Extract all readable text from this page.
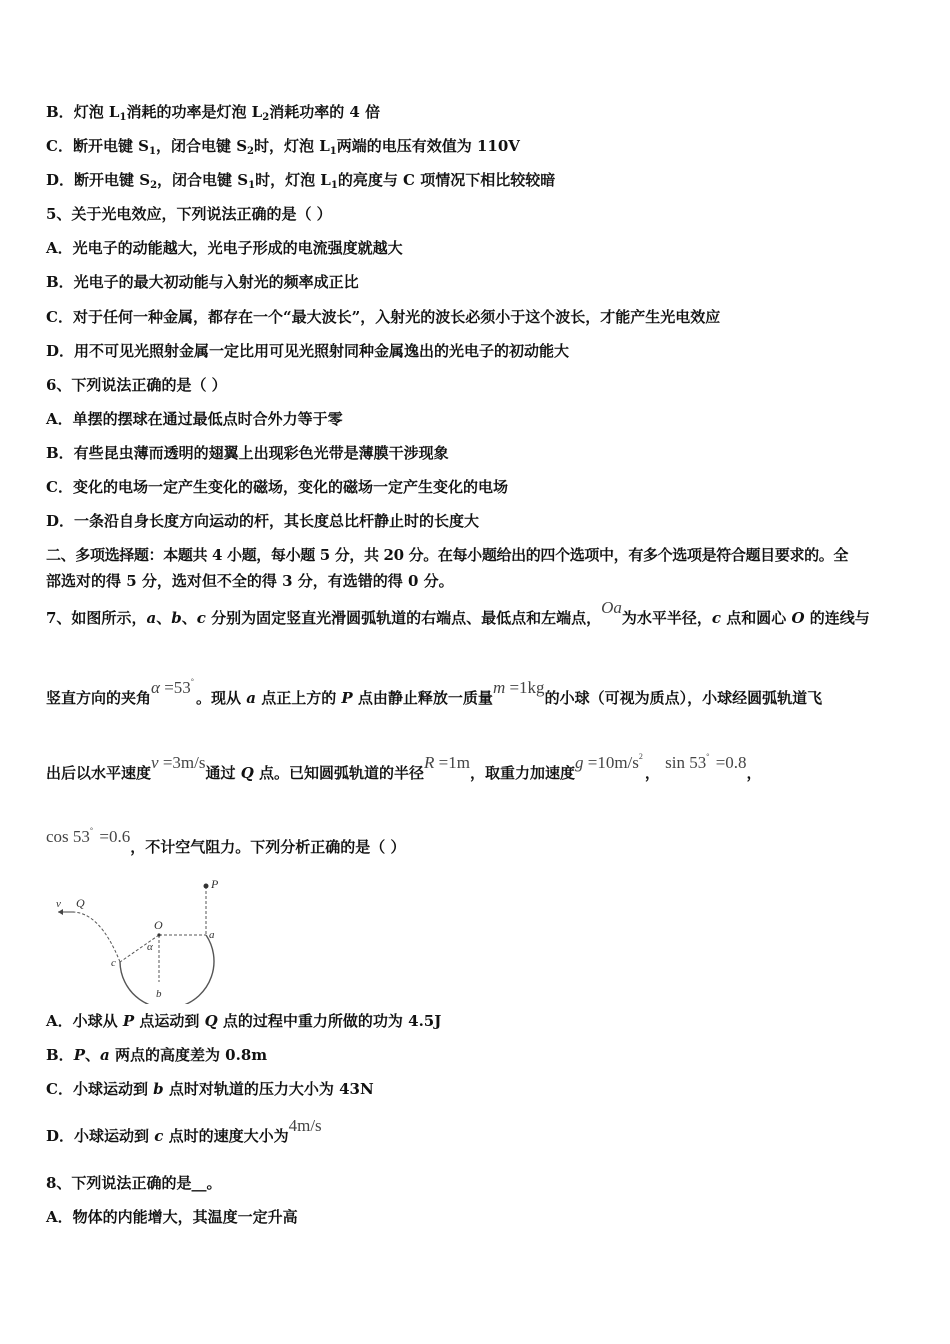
B．灯泡 $L_1$消耗的功率是灯泡 $L_2$消耗功率的 4 倍
C．断开电键 $S_1$，闭合电键 $S_2$时，灯泡 $L_1$两端的电压有效值为 110V
D．断开电键 $S_2$，闭合电键 $S_1$时，灯泡 $L_1$的亮度与 C 项情况下相比较较暗
5、关于光电效应，下列说法正确的是（ ）
A．光电子的动能越大，光电子形成的电流强度就越大
B．光电子的最大初动能与入射光的频率成正比
C．对于任何一种金属，都存在一个“最大波长”，入射光的波长必须小于这个波长，才能产生光电效应
D．用不可见光照射金属一定比用可见光照射同种金属逸出的光电子的初动能大
6、下列说法正确的是（ ）
A．单摆的摆球在通过最低点时合外力等于零
B．有些昆虫薄而透明的翅翼上出现彩色光带是薄膜干涉现象
C．变化的电场一定产生变化的磁场，变化的磁场一定产生变化的电场
D．一条沿自身长度方向运动的杆，其长度总比杆静止时的长度大
二、多项选择题：本题共 4 小题，每小题 5 分，共 20 分。在每小题给出的四个选项中，有多个选项是符合题目要求的。全
部选对的得 5 分，选对但不全的得 3 分，有选错的得 0 分。
7、如图所示，a、b、c 分别为固定竖直光滑圆弧轨道的右端点、最低点和左端点，Oa为水平半径，c 点和圆心 O 的连线与
竖直方向的夹角α =53°。现从 a 点正上方的 P 点由静止释放一质量m =1kg的小球（可视为质点），小球经圆弧轨道飞
出后以水平速度v =3m/s通过 Q 点。已知圆弧轨道的半径R =1m，取重力加速度$g =10m/s^2$， sin 53° =0.8，
cos 53° =0.6，不计空气阻力。下列分析正确的是（ ）
v Q
P
O
α
a
c
b
A．小球从 P 点运动到 Q 点的过程中重力所做的功为 4.5J
B．P、a 两点的高度差为 0.8m
C．小球运动到 b 点时对轨道的压力大小为 43N
D．小球运动到 c 点时的速度大小为4m/s
8、下列说法正确的是__。
A．物体的内能增大，其温度一定升高
